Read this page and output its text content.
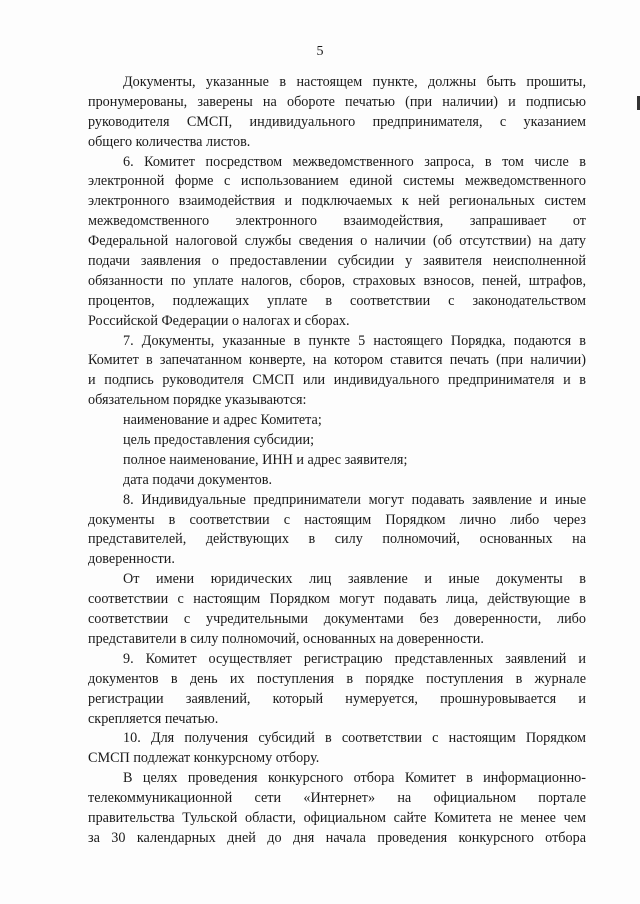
5
Документы, указанные в настоящем пункте, должны быть прошиты,
пронумерованы, заверены на обороте печатью (при наличии) и подписью
руководителя СМСП, индивидуального предпринимателя, с указанием
общего количества листов.
6. Комитет посредством межведомственного запроса, в том числе в
электронной форме с использованием единой системы межведомственного
электронного взаимодействия и подключаемых к ней региональных систем
межведомственного электронного взаимодействия, запрашивает от
Федеральной налоговой службы сведения о наличии (об отсутствии) на дату
подачи заявления о предоставлении субсидии у заявителя неисполненной
обязанности по уплате налогов, сборов, страховых взносов, пеней, штрафов,
процентов, подлежащих уплате в соответствии с законодательством
Российской Федерации о налогах и сборах.
7. Документы, указанные в пункте 5 настоящего Порядка, подаются в
Комитет в запечатанном конверте, на котором ставится печать (при наличии)
и подпись руководителя СМСП или индивидуального предпринимателя и в
обязательном порядке указываются:
наименование и адрес Комитета;
цель предоставления субсидии;
полное наименование, ИНН и адрес заявителя;
дата подачи документов.
8. Индивидуальные предприниматели могут подавать заявление и иные
документы в соответствии с настоящим Порядком лично либо через
представителей, действующих в силу полномочий, основанных на
доверенности.
От имени юридических лиц заявление и иные документы в
соответствии с настоящим Порядком могут подавать лица, действующие в
соответствии с учредительными документами без доверенности, либо
представители в силу полномочий, основанных на доверенности.
9. Комитет осуществляет регистрацию представленных заявлений и
документов в день их поступления в порядке поступления в журнале
регистрации заявлений, который нумеруется, прошнуровывается и
скрепляется печатью.
10. Для получения субсидий в соответствии с настоящим Порядком
СМСП подлежат конкурсному отбору.
В целях проведения конкурсного отбора Комитет в информационно-
телекоммуникационной сети «Интернет» на официальном портале
правительства Тульской области, официальном сайте Комитета не менее чем
за 30 календарных дней до дня начала проведения конкурсного отбора
